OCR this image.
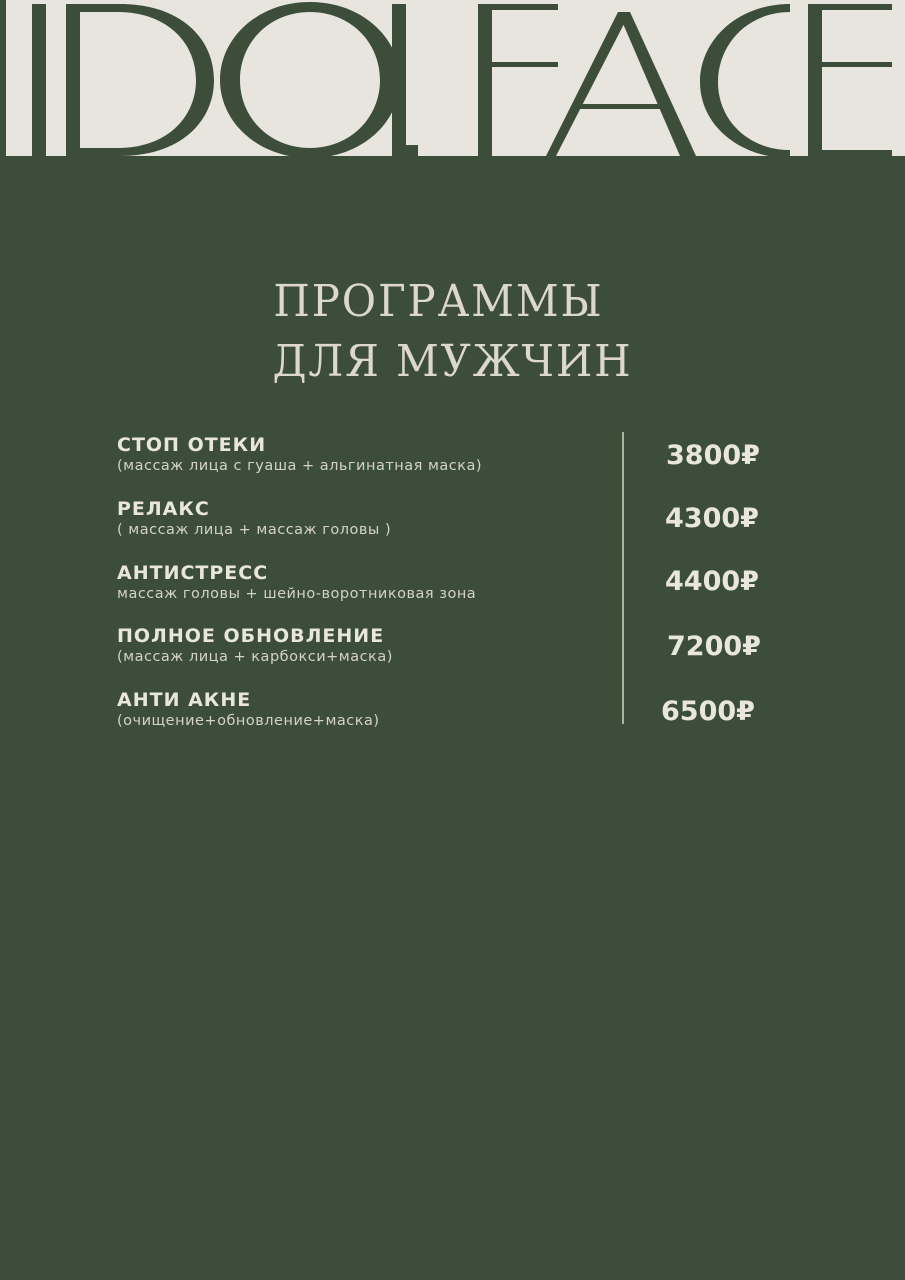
ПРОГРАММЫ
ДЛЯ МУЖЧИН
СТОП ОТЕКИ
(массаж лица с гуаша + альгинатная маска)	3800₽
РЕЛАКС
( массаж лица + массаж головы )	4300₽
АНТИСТРЕСС
массаж головы + шейно-воротниковая зона	4400₽
ПОЛНОЕ ОБНОВЛЕНИЕ
(массаж лица + карбокси+маска)	7200₽
АНТИ АКНЕ
(очищение+обновление+маска)	6500₽
